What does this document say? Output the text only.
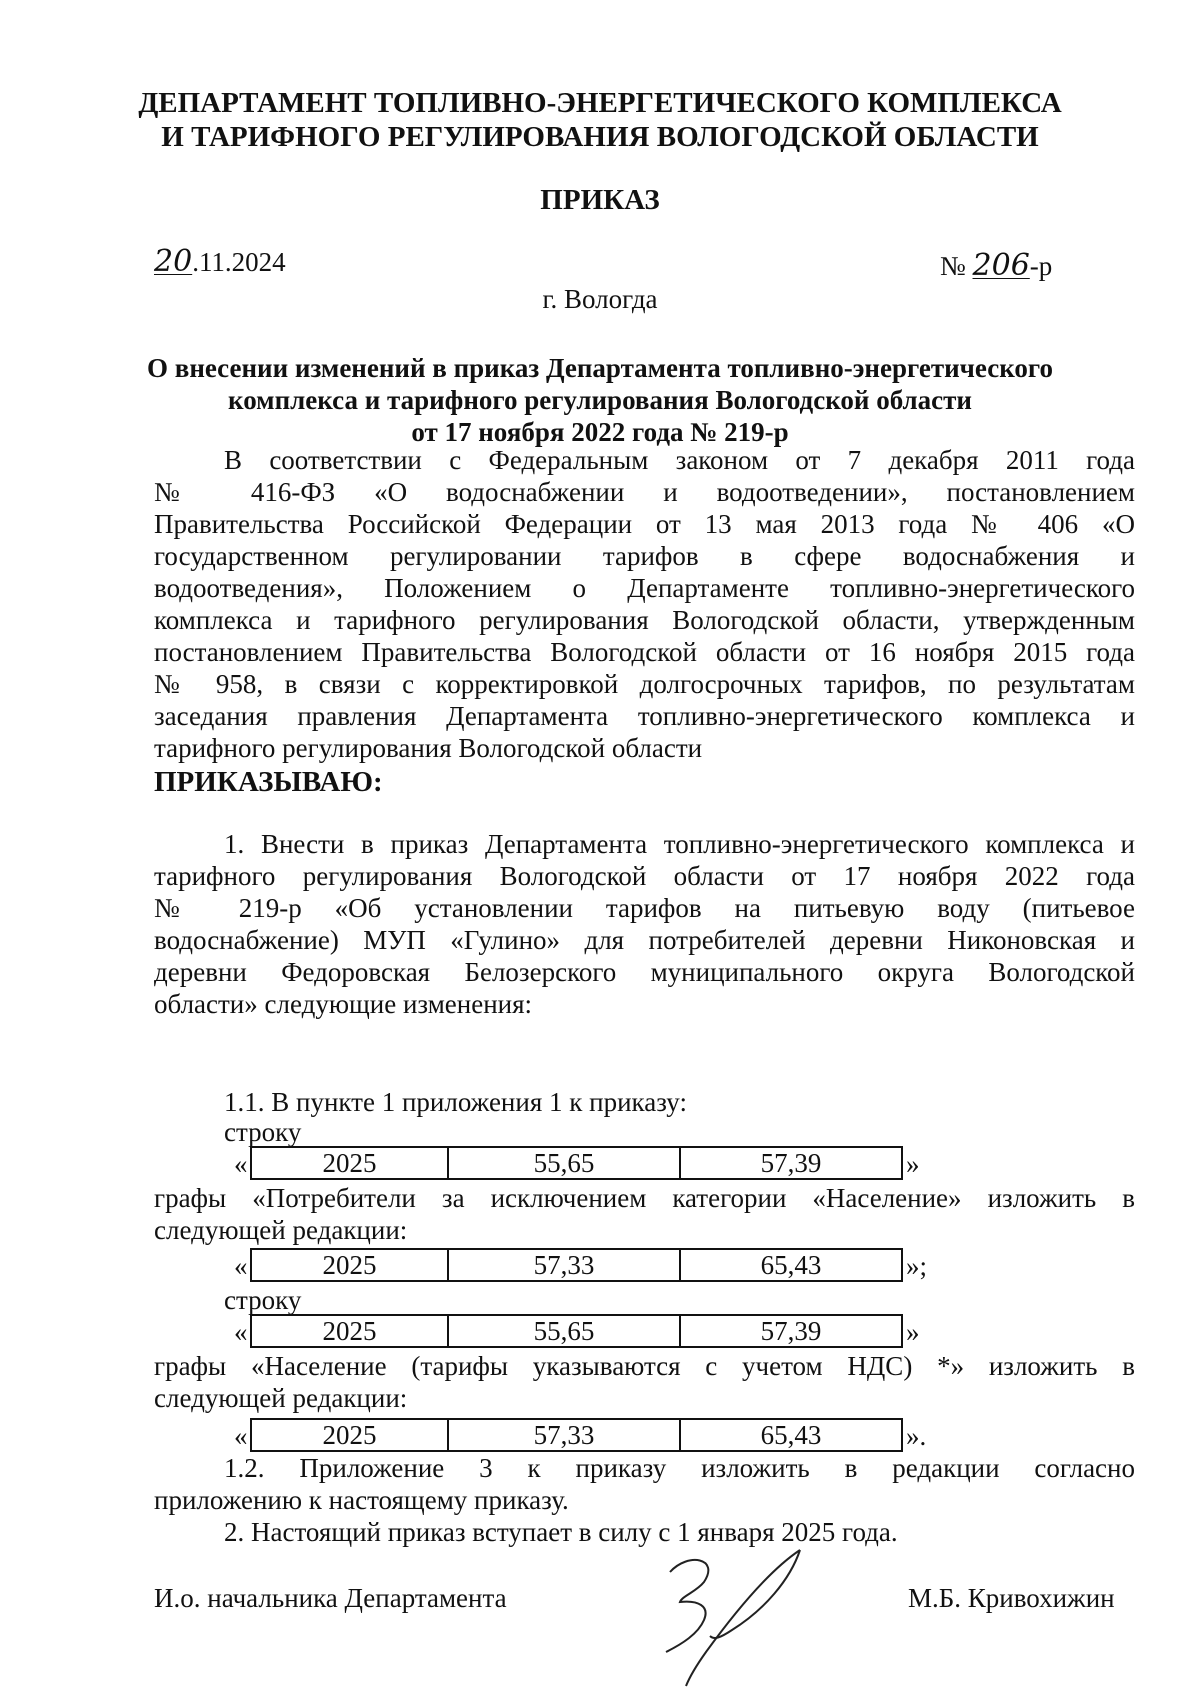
ДЕПАРТАМЕНТ ТОПЛИВНО-ЭНЕРГЕТИЧЕСКОГО КОМПЛЕКСА
И ТАРИФНОГО РЕГУЛИРОВАНИЯ ВОЛОГОДСКОЙ ОБЛАСТИ
ПРИКАЗ
20.11.2024	№ 206-р
г. Вологда
О внесении изменений в приказ Департамента топливно-энергетического
комплекса и тарифного регулирования Вологодской области
от 17 ноября 2022 года № 219-р
В соответствии с Федеральным законом от 7 декабря 2011 года
№ 416-ФЗ «О водоснабжении и водоотведении», постановлением
Правительства Российской Федерации от 13 мая 2013 года № 406 «О
государственном регулировании тарифов в сфере водоснабжения и
водоотведения», Положением о Департаменте топливно-энергетического
комплекса и тарифного регулирования Вологодской области, утвержденным
постановлением Правительства Вологодской области от 16 ноября 2015 года
№ 958, в связи с корректировкой долгосрочных тарифов, по результатам
заседания правления Департамента топливно-энергетического комплекса и
тарифного регулирования Вологодской области
ПРИКАЗЫВАЮ:
1. Внести в приказ Департамента топливно-энергетического комплекса и
тарифного регулирования Вологодской области от 17 ноября 2022 года
№ 219-р «Об установлении тарифов на питьевую воду (питьевое
водоснабжение) МУП «Гулино» для потребителей деревни Никоновская и
деревни Федоровская Белозерского муниципального округа Вологодской
области» следующие изменения:
1.1. В пункте 1 приложения 1 к приказу:
строку
«	2025	55,65	57,39	»
графы «Потребители за исключением категории «Население» изложить в
следующей редакции:
«	2025	57,33	65,43	»;
строку
«	2025	55,65	57,39	»
графы «Население (тарифы указываются с учетом НДС) *» изложить в
следующей редакции:
«	2025	57,33	65,43	».
1.2. Приложение 3 к приказу изложить в редакции согласно
приложению к настоящему приказу.
2. Настоящий приказ вступает в силу с 1 января 2025 года.
И.о. начальника Департамента	М.Б. Кривохижин
